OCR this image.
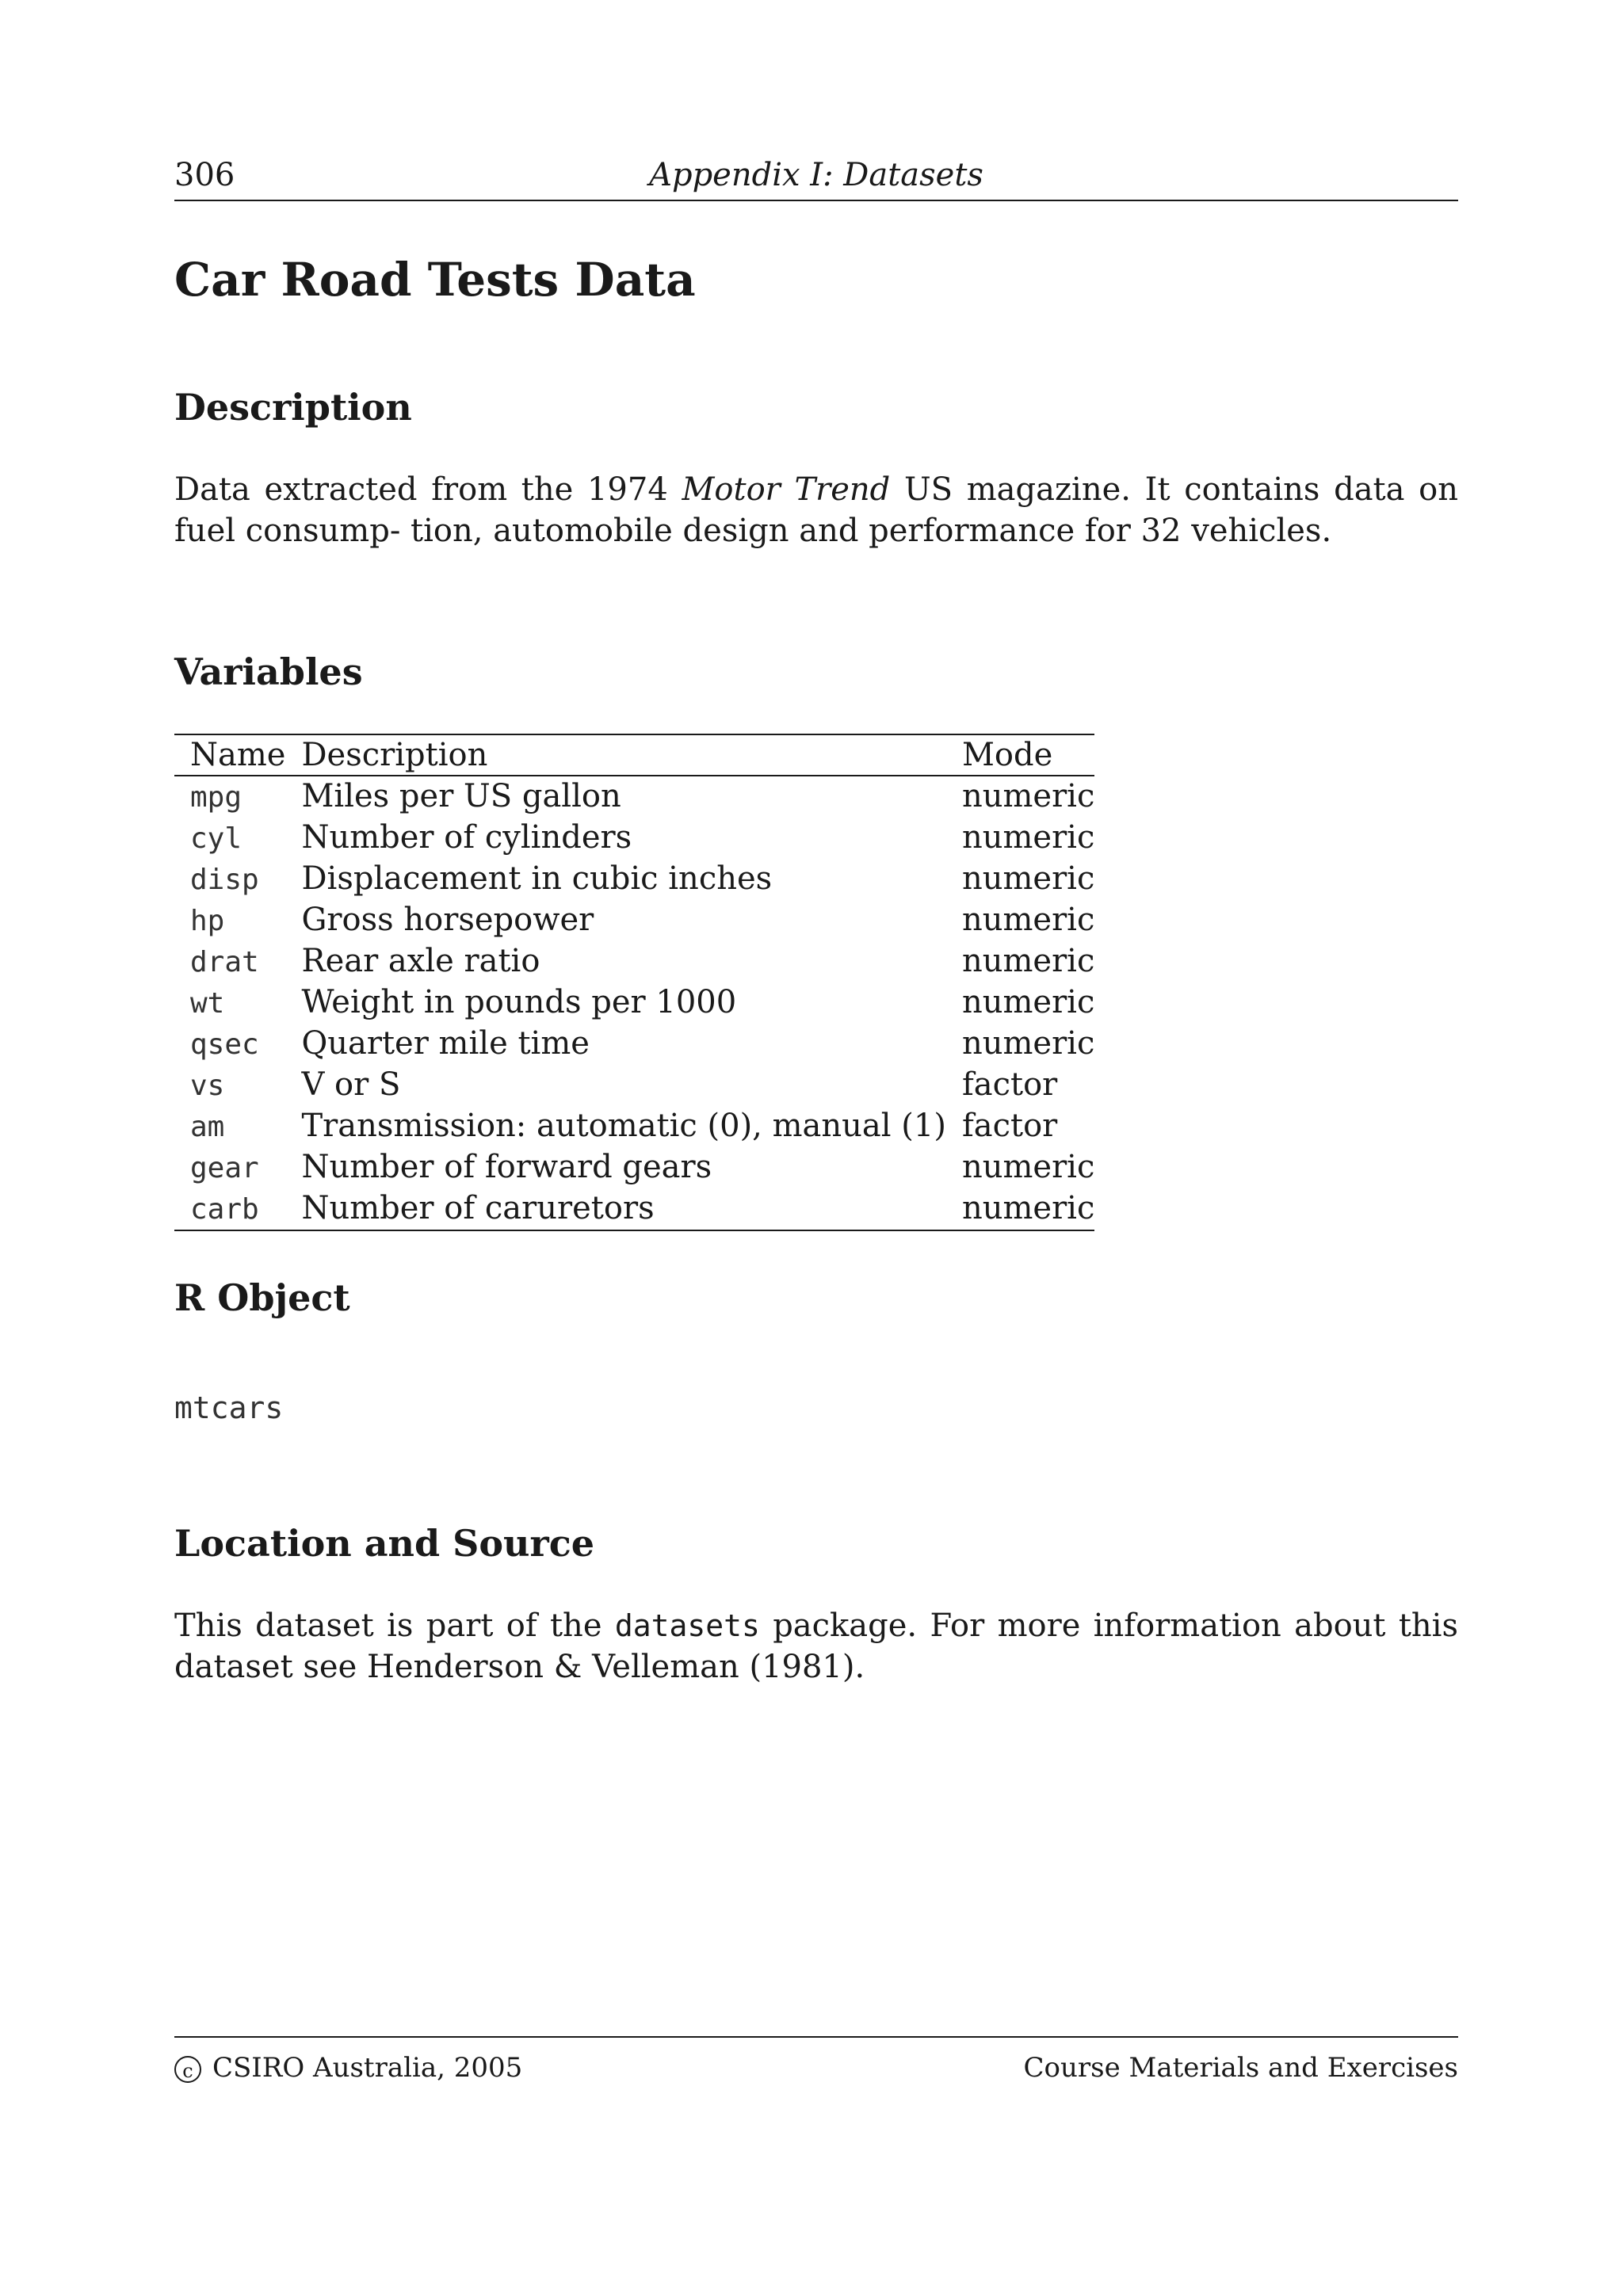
306	Appendix I: Datasets
Car Road Tests Data
Description

Data extracted from the 1974 Motor Trend US magazine. It contains data on fuel consump- tion, automobile design and performance for 32 vehicles.

Variables
Name	Description	Mode
mpg	Miles per US gallon	numeric
cyl	Number of cylinders	numeric
disp	Displacement in cubic inches	numeric
hp	Gross horsepower	numeric
drat	Rear axle ratio	numeric
wt	Weight in pounds per 1000	numeric
qsec	Quarter mile time	numeric
vs	V or S	factor
am	Transmission: automatic (0), manual (1)	factor
gear	Number of forward gears	numeric
carb	Number of caruretors	numeric
R Object
mtcars
Location and Source

This dataset is part of the datasets package. For more information about this dataset see Henderson & Velleman (1981).

c CSIRO Australia, 2005	Course Materials and Exercises
